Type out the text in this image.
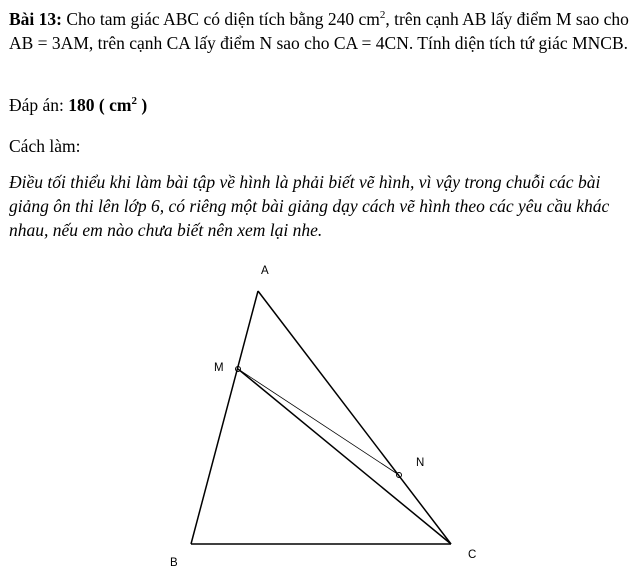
Bài 13: Cho tam giác ABC có diện tích bằng 240 $cm^2$, trên cạnh AB lấy điểm M sao cho AB = 3AM, trên cạnh CA lấy điểm N sao cho CA = 4CN. Tính diện tích tứ giác MNCB.

Đáp án: 180 ( $cm^2$ )

Cách làm:

Điều tối thiểu khi làm bài tập về hình là phải biết vẽ hình, vì vậy trong chuỗi các bài giảng ôn thi lên lớp 6, có riêng một bài giảng dạy cách vẽ hình theo các yêu cầu khác nhau, nếu em nào chưa biết nên xem lại nhe.

A
M
N
B
C
